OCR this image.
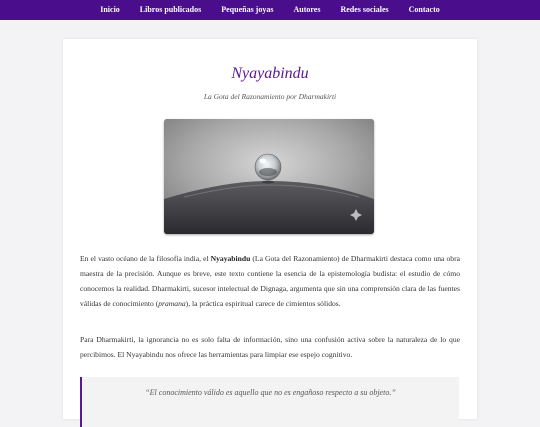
Inicio	Libros publicados	Pequeñas joyas	Autores	Redes sociales	Contacto
Nyayabindu
La Gota del Razonamiento por Dharmakirti

En el vasto océano de la filosofía india, el Nyayabindu (La Gota del Razonamiento) de Dharmakirti destaca como una obra maestra de la precisión. Aunque es breve, este texto contiene la esencia de la epistemología budista: el estudio de cómo conocemos la realidad. Dharmakirti, sucesor intelectual de Dignaga, argumenta que sin una comprensión clara de las fuentes válidas de conocimiento (pramana), la práctica espiritual carece de cimientos sólidos.

Para Dharmakirti, la ignorancia no es solo falta de información, sino una confusión activa sobre la naturaleza de lo que percibimos. El Nyayabindu nos ofrece las herramientas para limpiar ese espejo cognitivo.

“El conocimiento válido es aquello que no es engañoso respecto a su objeto.”
